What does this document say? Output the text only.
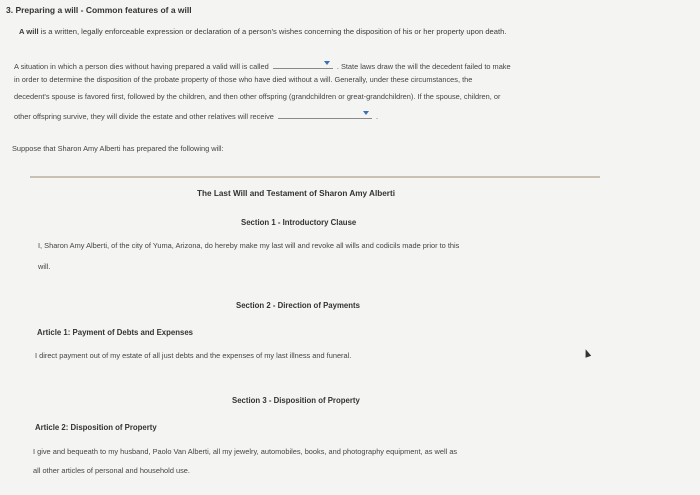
3. Preparing a will - Common features of a will
A will is a written, legally enforceable expression or declaration of a person's wishes concerning the disposition of his or her property upon death.
A situation in which a person dies without having prepared a valid will is called	. State laws draw the will the decedent failed to make
in order to determine the disposition of the probate property of those who have died without a will. Generally, under these circumstances, the
decedent's spouse is favored first, followed by the children, and then other offspring (grandchildren or great-grandchildren). If the spouse, children, or
other offspring survive, they will divide the estate and other relatives will receive	.
Suppose that Sharon Amy Alberti has prepared the following will:
The Last Will and Testament of Sharon Amy Alberti
Section 1 - Introductory Clause
I, Sharon Amy Alberti, of the city of Yuma, Arizona, do hereby make my last will and revoke all wills and codicils made prior to this
will.
Section 2 - Direction of Payments
Article 1: Payment of Debts and Expenses
I direct payment out of my estate of all just debts and the expenses of my last illness and funeral.
Section 3 - Disposition of Property
Article 2: Disposition of Property
I give and bequeath to my husband, Paolo Van Alberti, all my jewelry, automobiles, books, and photography equipment, as well as
all other articles of personal and household use.
